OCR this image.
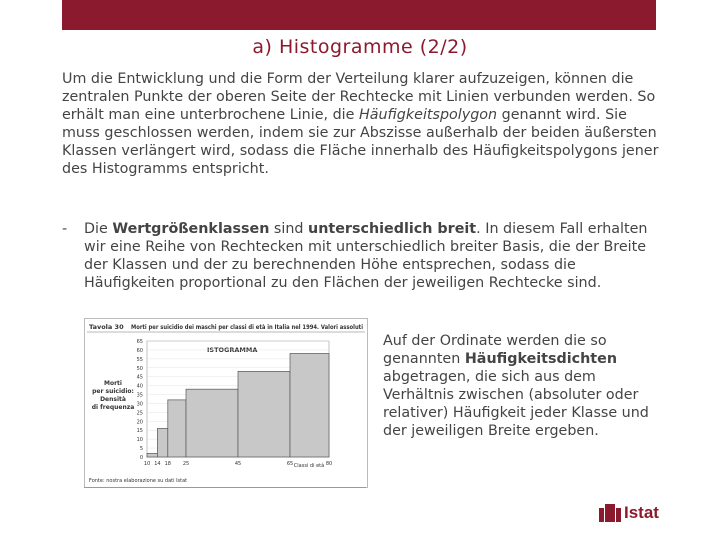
a) Histogramme (2/2)
Um die Entwicklung und die Form der Verteilung klarer aufzuzeigen, können die zentralen Punkte der oberen Seite der Rechtecke mit Linien verbunden werden. So erhält man eine unterbrochene Linie, die Häufigkeitspolygon genannt wird. Sie muss geschlossen werden, indem sie zur Abszisse außerhalb der beiden äußersten Klassen verlängert wird, sodass die Fläche innerhalb des Häufigkeitspolygons jener des Histogramms entspricht.
- Die Wertgrößenklassen sind unterschiedlich breit. In diesem Fall erhalten wir eine Reihe von Rechtecken mit unterschiedlich breiter Basis, die der Breite der Klassen und der zu berechnenden Höhe entsprechen, sodass die Häufigkeiten proportional zu den Flächen der jeweiligen Rechtecke sind.
Tavola 30 Morti per suicidio dei maschi per classi di età in Italia nel 1994. Valori assoluti
ISTOGRAMMA
0
5
10
15
20
25
30
35
40
45
50
55
60
65
10 14 18 25	45	65	80
Classi di età
Morti per suicidio: Densità di frequenza
Fonte: nostra elaborazione su dati Istat
Auf der Ordinate werden die so genannten Häufigkeitsdichten abgetragen, die sich aus dem Verhältnis zwischen (absoluter oder relativer) Häufigkeit jeder Klasse und der jeweiligen Breite ergeben.
Istat
